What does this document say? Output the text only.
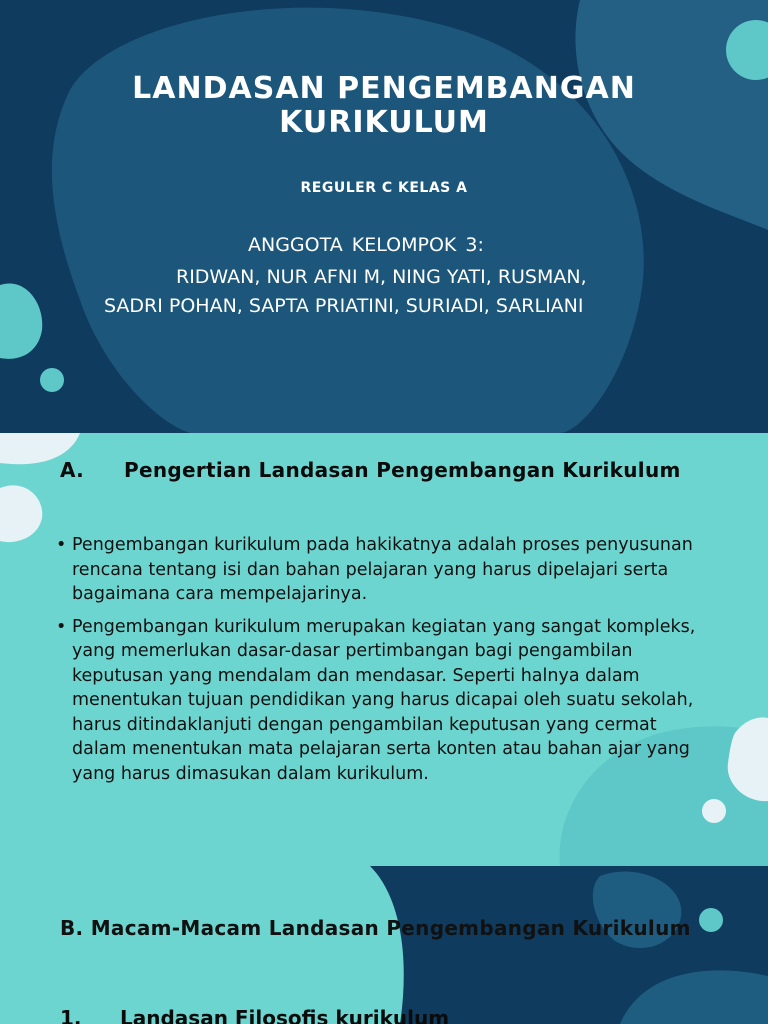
LANDASAN PENGEMBANGAN
KURIKULUM
REGULER C KELAS A
ANGGOTA KELOMPOK 3:
RIDWAN, NUR AFNI M, NING YATI, RUSMAN,
SADRI POHAN, SAPTA PRIATINI, SURIADI, SARLIANI
A. Pengertian Landasan Pengembangan Kurikulum
• Pengembangan kurikulum pada hakikatnya adalah proses penyusunan rencana tentang isi dan bahan pelajaran yang harus dipelajari serta bagaimana cara mempelajarinya.
• Pengembangan kurikulum merupakan kegiatan yang sangat kompleks, yang memerlukan dasar-dasar pertimbangan bagi pengambilan keputusan yang mendalam dan mendasar. Seperti halnya dalam menentukan tujuan pendidikan yang harus dicapai oleh suatu sekolah, harus ditindaklanjuti dengan pengambilan keputusan yang cermat dalam menentukan mata pelajaran serta konten atau bahan ajar yang yang harus dimasukan dalam kurikulum.
B. Macam-Macam Landasan Pengembangan Kurikulum
1. Landasan Filosofis kurikulum
